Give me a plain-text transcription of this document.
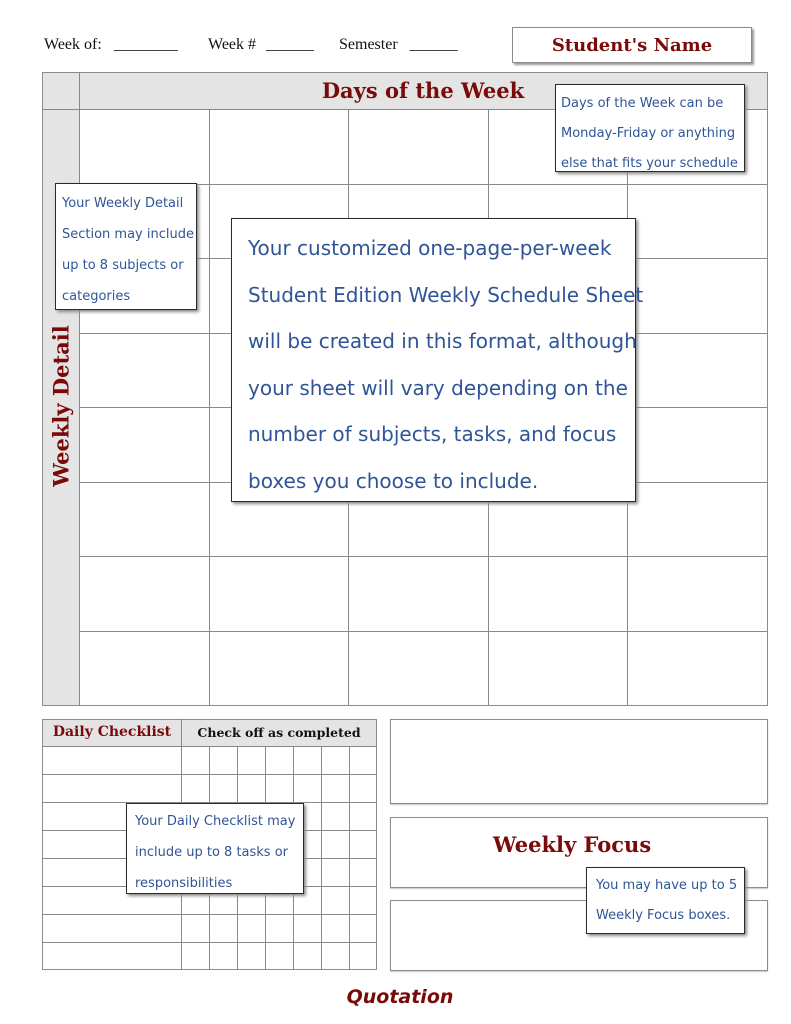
Week of: ________ Week # ______ Semester ______	Student's Name
Days of the Week
Weekly Detail
Daily Checklist	Check off as completed
Weekly Focus
Days of the Week can be
Monday-Friday or anything
else that fits your schedule
Your Weekly Detail
Section may include
up to 8 subjects or
categories
Your customized one-page-per-week
Student Edition Weekly Schedule Sheet
will be created in this format, although
your sheet will vary depending on the
number of subjects, tasks, and focus
boxes you choose to include.
Your Daily Checklist may
include up to 8 tasks or
responsibilities	You may have up to 5
Weekly Focus boxes.
Quotation
